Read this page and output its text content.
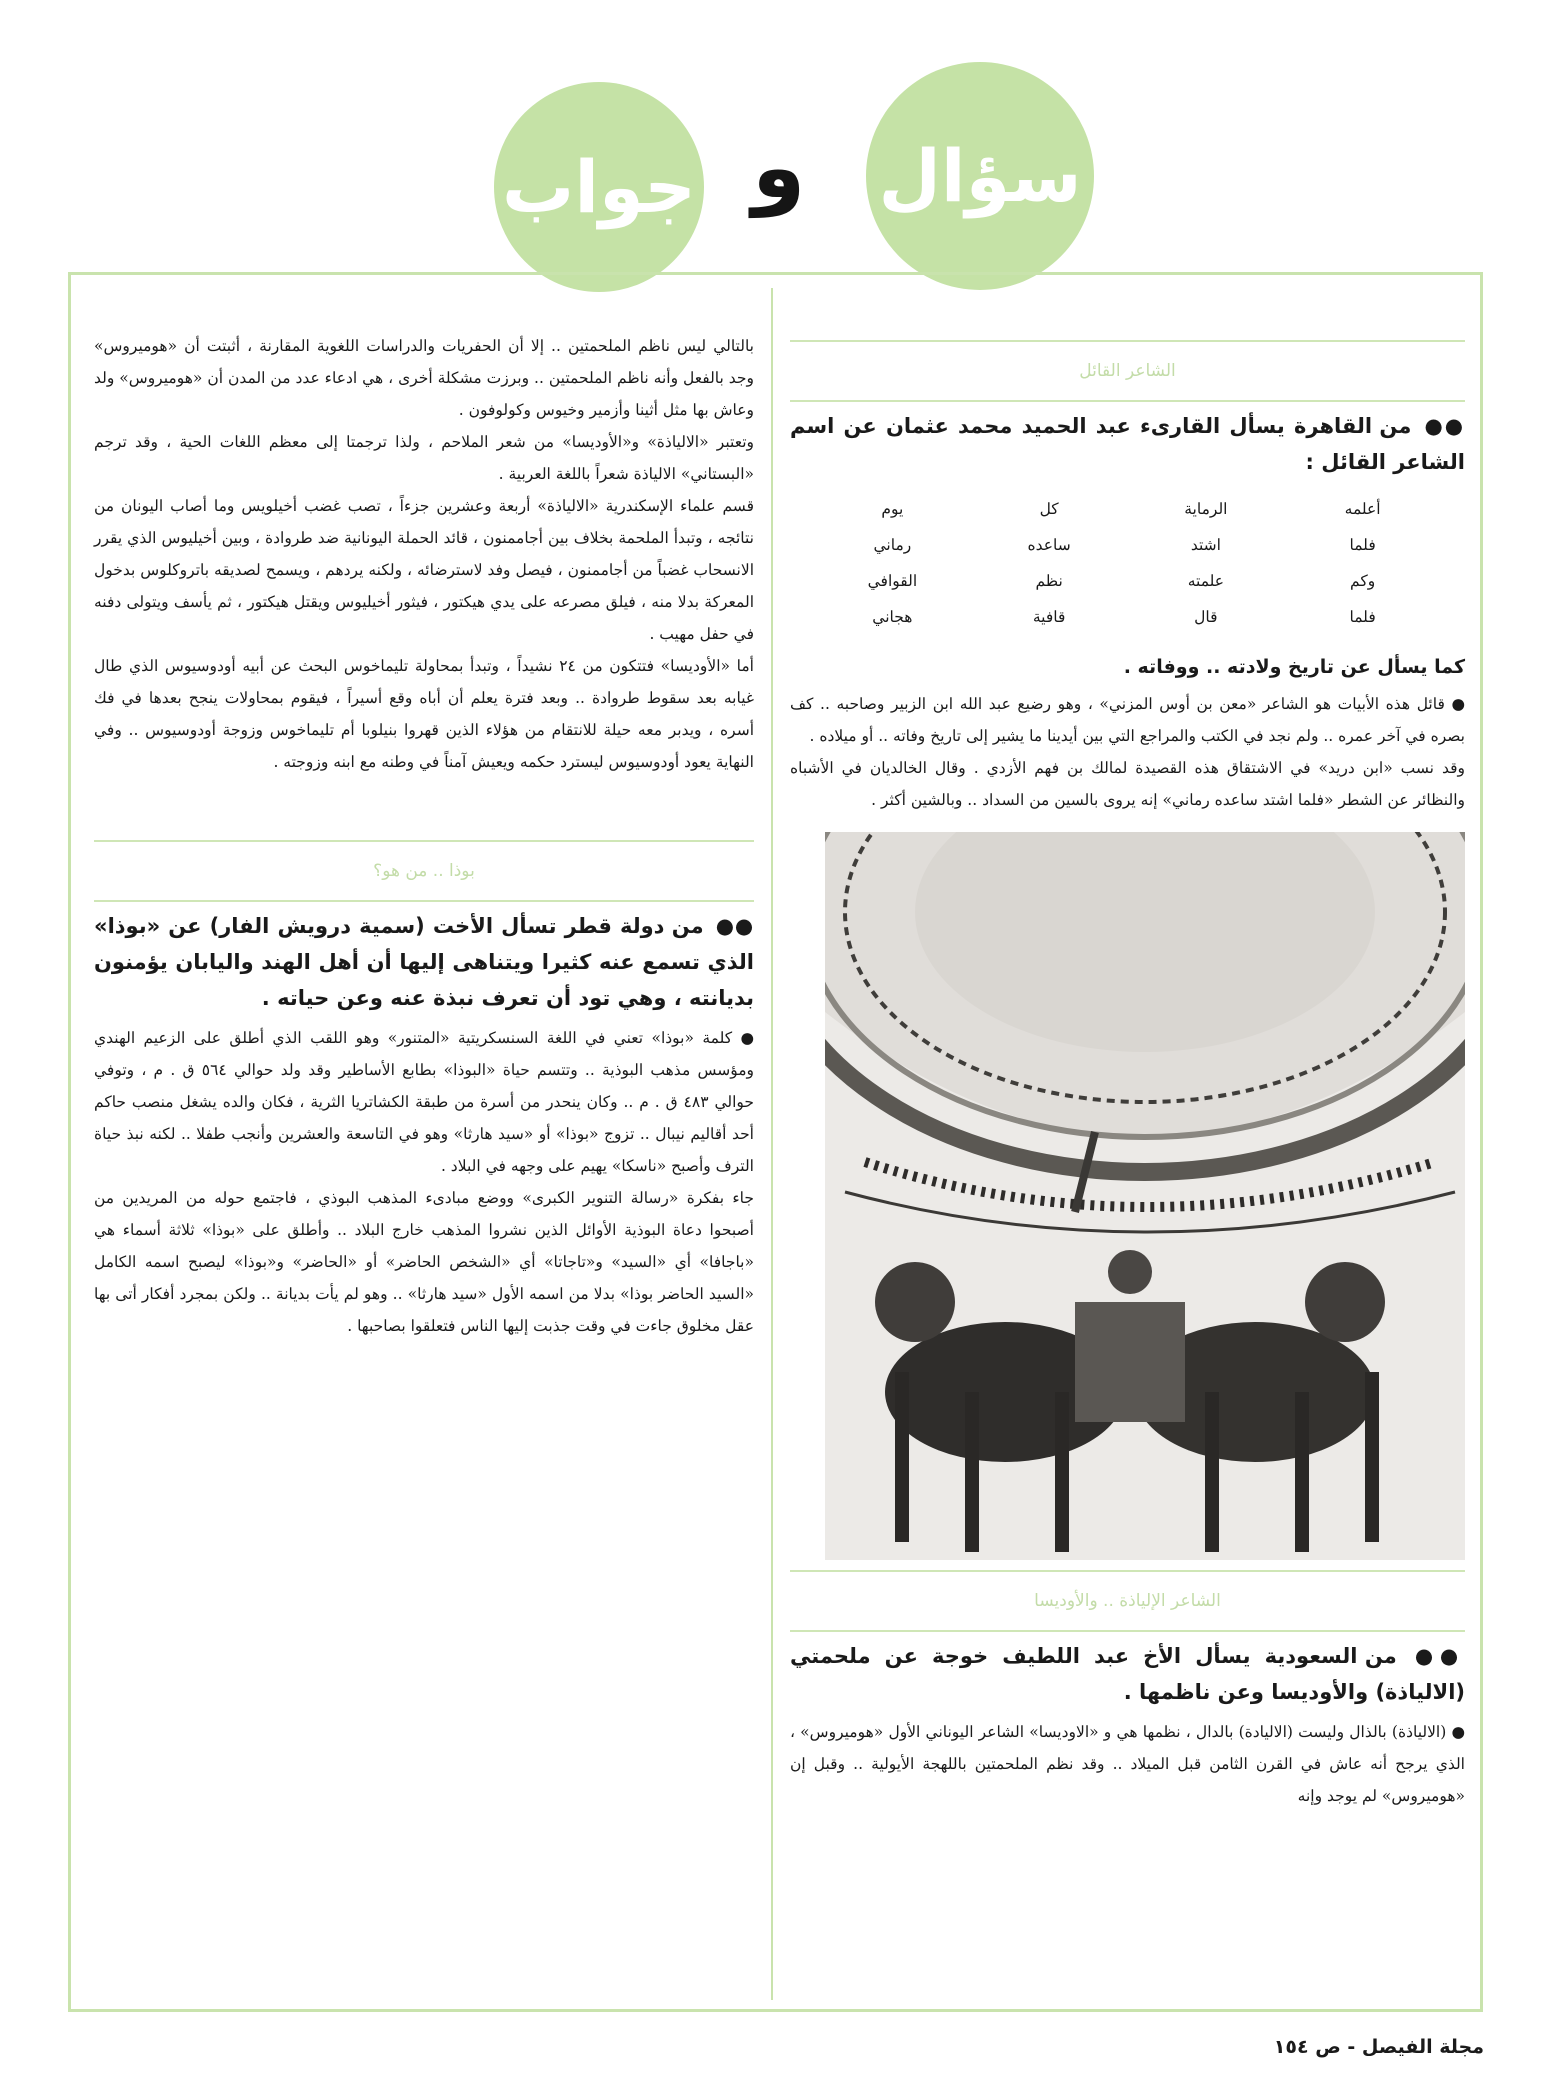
سؤال
و
جواب
الشاعر القائل
●● من القاهرة يسأل القارىء عبد الحميد محمد عثمان عن اسم الشاعر القائل :
أعلمه
الرماية
كل
يوم
فلما
اشتد
ساعده
رماني
وكم
علمته
نظم
القوافي
فلما
قال
قافية
هجاني
كما يسأل عن تاريخ ولادته .. ووفاته .

● قائل هذه الأبيات هو الشاعر «معن بن أوس المزني» ، وهو رضيع عبد الله ابن الزبير وصاحبه .. كف بصره في آخر عمره .. ولم نجد في الكتب والمراجع التي بين أيدينا ما يشير إلى تاريخ وفاته .. أو ميلاده .

وقد نسب «ابن دريد» في الاشتقاق هذه القصيدة لمالك بن فهم الأزدي . وقال الخالديان في الأشباه والنظائر عن الشطر «فلما اشتد ساعده رماني» إنه يروى بالسين من السداد .. وبالشين أكثر .

الشاعر الإلياذة .. والأوديسا
●● من السعودية يسأل الأخ عبد اللطيف خوجة عن ملحمتي (الالياذة) والأوديسا وعن ناظمها .

● (الالياذة) بالذال وليست (الاليادة) بالدال ، نظمها هي و «الاوديسا» الشاعر اليوناني الأول «هوميروس» ، الذي يرجح أنه عاش في القرن الثامن قبل الميلاد .. وقد نظم الملحمتين باللهجة الأيولية .. وقبل إن «هوميروس» لم يوجد وإنه

بالتالي ليس ناظم الملحمتين .. إلا أن الحفريات والدراسات اللغوية المقارنة ، أثبتت أن «هوميروس» وجد بالفعل وأنه ناظم الملحمتين .. وبرزت مشكلة أخرى ، هي ادعاء عدد من المدن أن «هوميروس» ولد وعاش بها مثل أثينا وأزمير وخيوس وكولوفون .

وتعتبر «الالياذة» و«الأوديسا» من شعر الملاحم ، ولذا ترجمتا إلى معظم اللغات الحية ، وقد ترجم «البستاني» الالياذة شعراً باللغة العربية .

قسم علماء الإسكندرية «الالياذة» أربعة وعشرين جزءاً ، تصب غضب أخيلويس وما أصاب اليونان من نتائجه ، وتبدأ الملحمة بخلاف بين أجاممنون ، قائد الحملة اليونانية ضد طروادة ، وبين أخيليوس الذي يقرر الانسحاب غضباً من أجاممنون ، فيصل وفد لاسترضائه ، ولكنه يردهم ، ويسمح لصديقه باتروكلوس بدخول المعركة بدلا منه ، فيلق مصرعه على يدي هيكتور ، فيثور أخيليوس ويقتل هيكتور ، ثم يأسف ويتولى دفنه في حفل مهيب .

أما «الأوديسا» فتتكون من ٢٤ نشيداً ، وتبدأ بمحاولة تليماخوس البحث عن أبيه أودوسيوس الذي طال غيابه بعد سقوط طروادة .. وبعد فترة يعلم أن أباه وقع أسيراً ، فيقوم بمحاولات ينجح بعدها في فك أسره ، ويدبر معه حيلة للانتقام من هؤلاء الذين قهروا بنيلوبا أم تليماخوس وزوجة أودوسيوس .. وفي النهاية يعود أودوسيوس ليسترد حكمه ويعيش آمناً في وطنه مع ابنه وزوجته .

بوذا .. من هو؟
●● من دولة قطر تسأل الأخت (سمية درويش الفار) عن «بوذا» الذي تسمع عنه كثيرا ويتناهى إليها أن أهل الهند واليابان يؤمنون بديانته ، وهي تود أن تعرف نبذة عنه وعن حياته .

● كلمة «بوذا» تعني في اللغة السنسكريتية «المتنور» وهو اللقب الذي أطلق على الزعيم الهندي ومؤسس مذهب البوذية .. وتتسم حياة «البوذا» بطابع الأساطير وقد ولد حوالي ٥٦٤ ق . م ، وتوفي حوالي ٤٨٣ ق . م .. وكان ينحدر من أسرة من طبقة الكشاتريا الثرية ، فكان والده يشغل منصب حاكم أحد أقاليم نيبال .. تزوج «بوذا» أو «سيد هارثا» وهو في التاسعة والعشرين وأنجب طفلا .. لكنه نبذ حياة الترف وأصبح «ناسكا» يهيم على وجهه في البلاد .

جاء بفكرة «رسالة التنوير الكبرى» ووضع مبادىء المذهب البوذي ، فاجتمع حوله من المريدين من أصبحوا دعاة البوذية الأوائل الذين نشروا المذهب خارج البلاد .. وأطلق على «بوذا» ثلاثة أسماء هي «باجافا» أي «السيد» و«تاجاتا» أي «الشخص الحاضر» أو «الحاضر» و«بوذا» ليصبح اسمه الكامل «السيد الحاضر بوذا» بدلا من اسمه الأول «سيد هارثا» .. وهو لم يأت بديانة .. ولكن بمجرد أفكار أتى بها عقل مخلوق جاءت في وقت جذبت إليها الناس فتعلقوا بصاحبها .

مجلة الفيصل - ص ١٥٤
